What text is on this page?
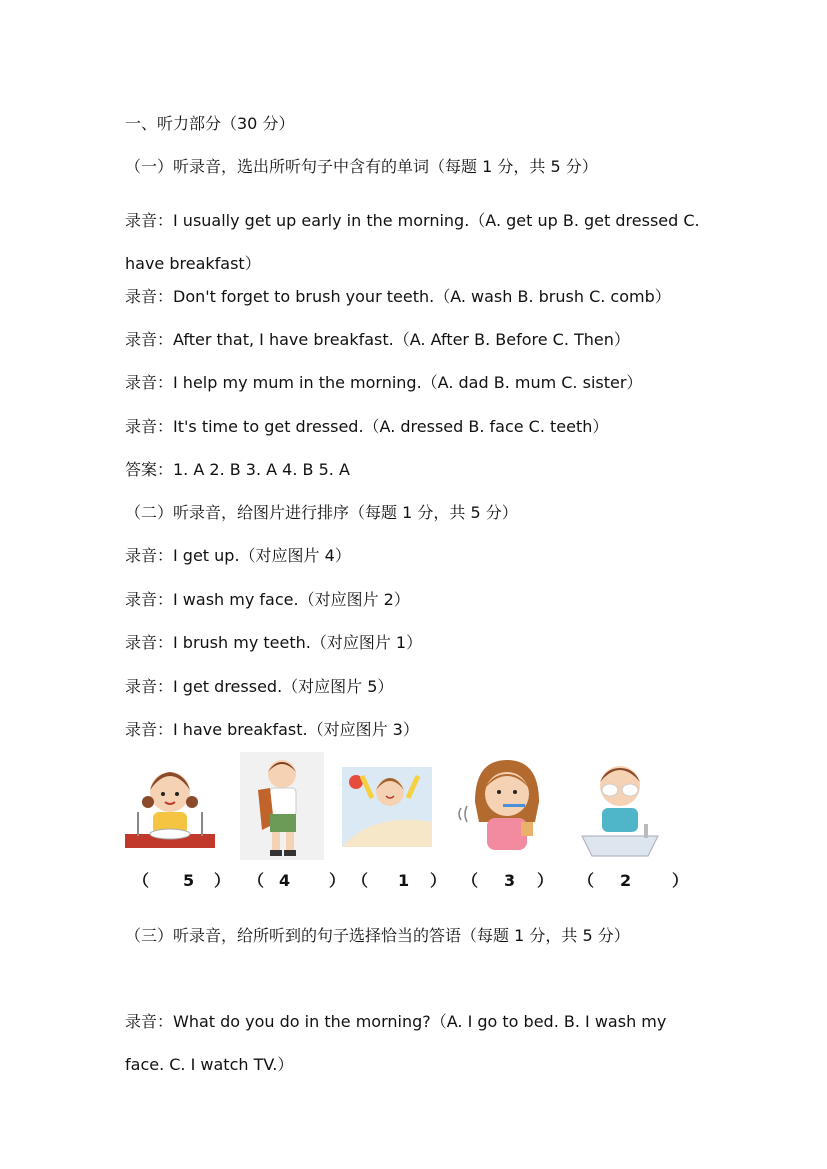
一、听力部分（30 分）
（一）听录音，选出所听句子中含有的单词（每题 1 分，共 5 分）
录音：I usually get up early in the morning.（A. get up B. get dressed C. have breakfast）
录音：Don't forget to brush your teeth.（A. wash B. brush C. comb）
录音：After that, I have breakfast.（A. After B. Before C. Then）
录音：I help my mum in the morning.（A. dad B. mum C. sister）
录音：It's time to get dressed.（A. dressed B. face C. teeth）
答案：1. A 2. B 3. A 4. B 5. A
（二）听录音，给图片进行排序（每题 1 分，共 5 分）
录音：I get up.（对应图片 4）
录音：I wash my face.（对应图片 2）
录音：I brush my teeth.（对应图片 1）
录音：I get dressed.（对应图片 5）
录音：I have breakfast.（对应图片 3）
（ 5 ） （ 4 ） （ 1 ） （ 3 ） （ 2	）
（三）听录音，给所听到的句子选择恰当的答语（每题 1 分，共 5 分）
录音：What do you do in the morning?（A. I go to bed. B. I wash my face. C. I watch TV.）
